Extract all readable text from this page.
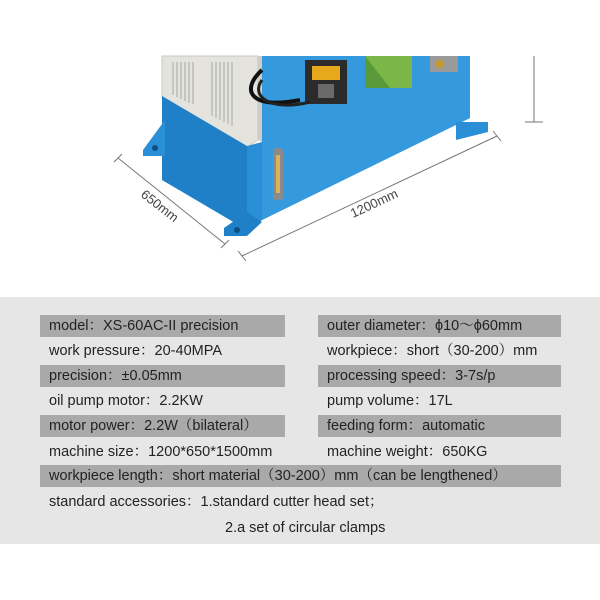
650mm	1200mm
model：XS-60AC-II precision	outer diameter：ϕ10～ϕ60mm
work pressure：20-40MPA	workpiece：short（30-200）mm
precision：±0.05mm	processing speed：3-7s/p
oil pump motor：2.2KW	pump volume：17L
motor power：2.2W（bilateral）	feeding form：automatic
machine size：1200*650*1500mm	machine weight：650KG
workpiece length：short material（30-200）mm（can be lengthened）
standard accessories：1.standard cutter head set；
2.a set of circular clamps
